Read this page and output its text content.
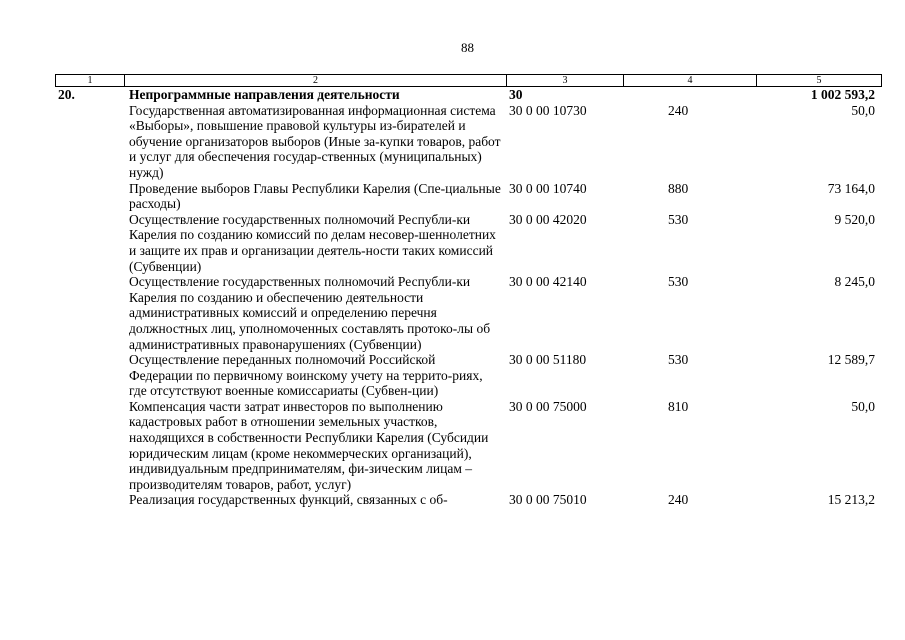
88
1	2	3	4	5
20.	Непрограммные направления деятельности	30		1 002 593,2
	Государственная автоматизированная информационная система «Выборы», повышение правовой культуры из-бирателей и обучение организаторов выборов (Иные за-купки товаров, работ и услуг для обеспечения государ-ственных (муниципальных) нужд)	30 0 00 10730	240	50,0
	Проведение выборов Главы Республики Карелия (Спе-циальные расходы)	30 0 00 10740	880	73 164,0
	Осуществление государственных полномочий Республи-ки Карелия по созданию комиссий по делам несовер-шеннолетних и защите их прав и организации деятель-ности таких комиссий (Субвенции)	30 0 00 42020	530	9 520,0
	Осуществление государственных полномочий Республи-ки Карелия по созданию и обеспечению деятельности административных комиссий и определению перечня должностных лиц, уполномоченных составлять протоко-лы об административных правонарушениях (Субвенции)	30 0 00 42140	530	8 245,0
	Осуществление переданных полномочий Российской Федерации по первичному воинскому учету на террито-риях, где отсутствуют военные комиссариаты (Субвен-ции)	30 0 00 51180	530	12 589,7
	Компенсация части затрат инвесторов по выполнению кадастровых работ в отношении земельных участков, находящихся в собственности Республики Карелия (Субсидии юридическим лицам (кроме некоммерческих организаций), индивидуальным предпринимателям, фи-зическим лицам – производителям товаров, работ, услуг)	30 0 00 75000	810	50,0
	Реализация государственных функций, связанных с об-	30 0 00 75010	240	15 213,2
